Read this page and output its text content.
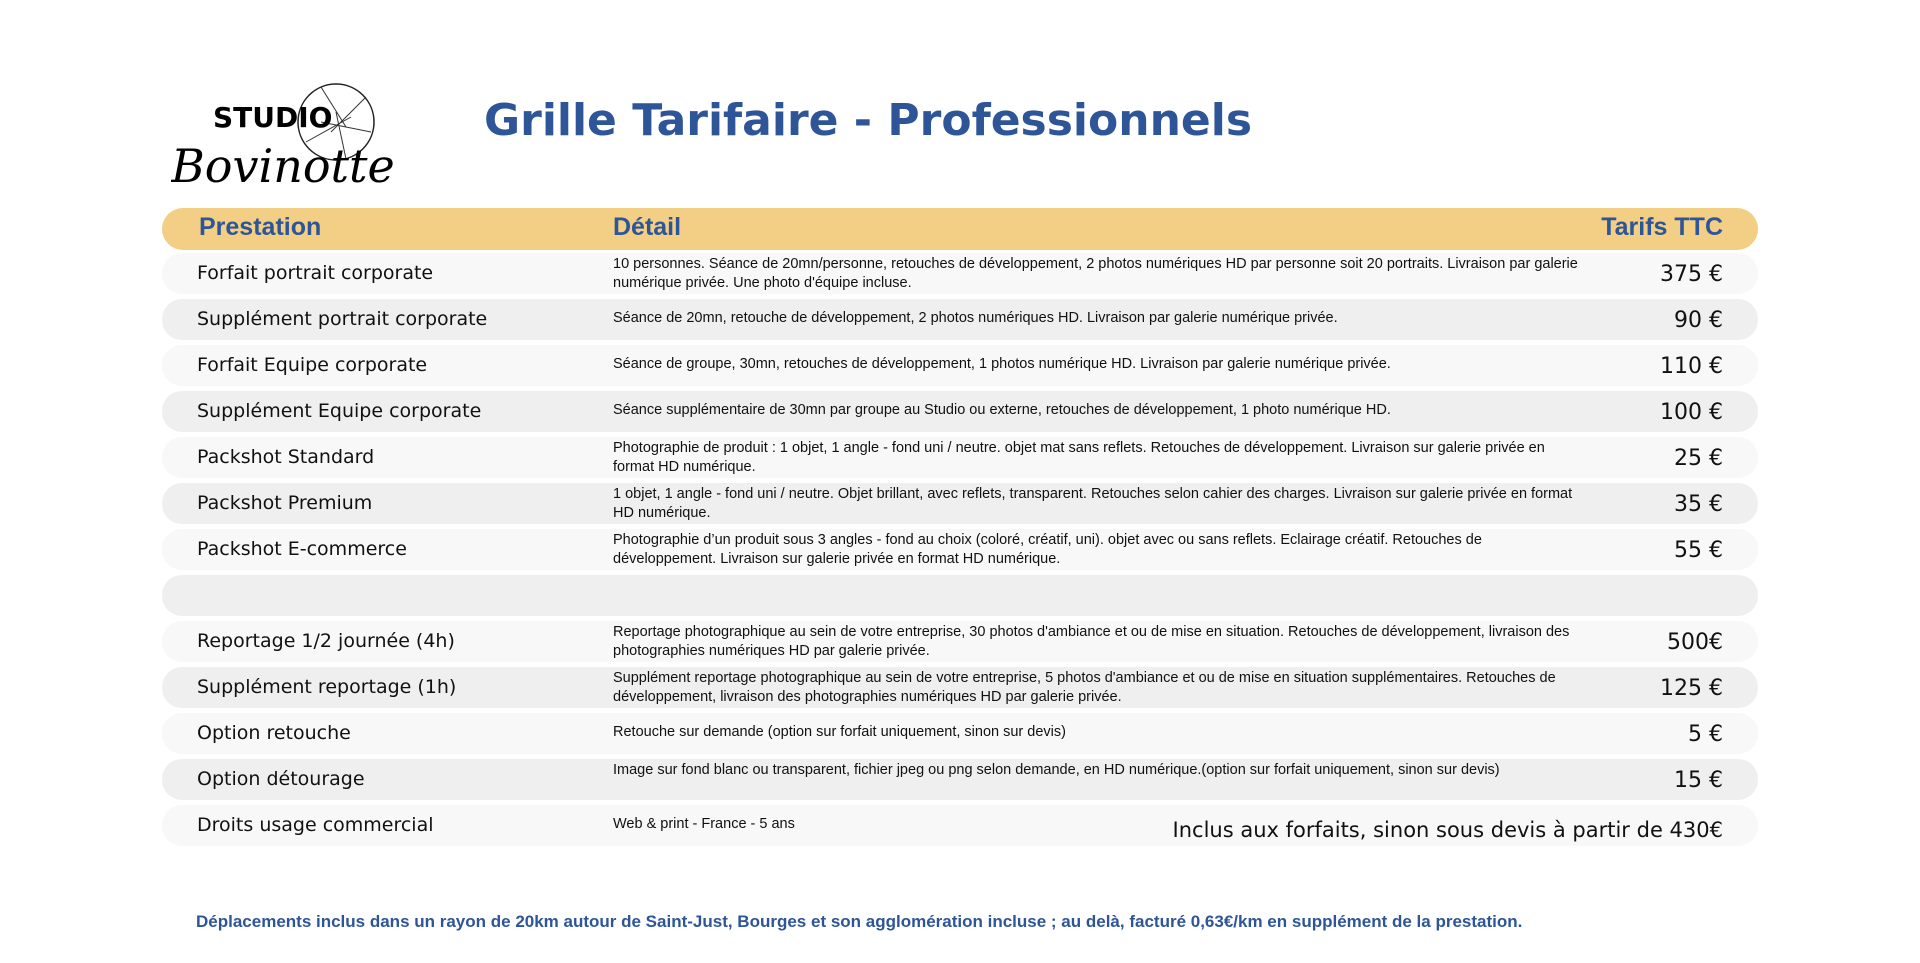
STUDIO
Bovinotte
Grille Tarifaire - Professionnels
Prestation	Détail	Tarifs TTC
Forfait portrait corporate	10 personnes. Séance de 20mn/personne, retouches de développement, 2 photos numériques HD par personne soit 20 portraits. Livraison par galerie numérique privée. Une photo d'équipe incluse.	375 €
Supplément portrait corporate	Séance de 20mn, retouche de développement, 2 photos numériques HD. Livraison par galerie numérique privée.	90 €
Forfait Equipe corporate	Séance de groupe, 30mn, retouches de développement, 1 photos numérique HD. Livraison par galerie numérique privée.	110 €
Supplément Equipe corporate	Séance supplémentaire de 30mn par groupe au Studio ou externe, retouches de développement, 1 photo numérique HD.	100 €
Packshot Standard	Photographie de produit : 1 objet, 1 angle - fond uni / neutre. objet mat sans reflets. Retouches de développement. Livraison sur galerie privée en format HD numérique.	25 €
Packshot Premium	1 objet, 1 angle - fond uni / neutre. Objet brillant, avec reflets, transparent. Retouches selon cahier des charges. Livraison sur galerie privée en format HD numérique.	35 €
Packshot E-commerce	Photographie d’un produit sous 3 angles - fond au choix (coloré, créatif, uni). objet avec ou sans reflets. Eclairage créatif. Retouches de développement. Livraison sur galerie privée en format HD numérique.	55 €
Reportage 1/2 journée (4h)	Reportage photographique au sein de votre entreprise, 30 photos d'ambiance et ou de mise en situation. Retouches de développement, livraison des photographies numériques HD par galerie privée.	500€
Supplément reportage (1h)	Supplément reportage photographique au sein de votre entreprise, 5 photos d'ambiance et ou de mise en situation supplémentaires. Retouches de développement, livraison des photographies numériques HD par galerie privée.	125 €
Option retouche	Retouche sur demande (option sur forfait uniquement, sinon sur devis)	5 €
Option détourage	Image sur fond blanc ou transparent, fichier jpeg ou png selon demande, en HD numérique.(option sur forfait uniquement, sinon sur devis)	15 €
Droits usage commercial	Web & print - France - 5 ans	Inclus aux forfaits, sinon sous devis à partir de 430€
Déplacements inclus dans un rayon de 20km autour de Saint-Just, Bourges et son agglomération incluse ; au delà, facturé 0,63€/km en supplément de la prestation.
